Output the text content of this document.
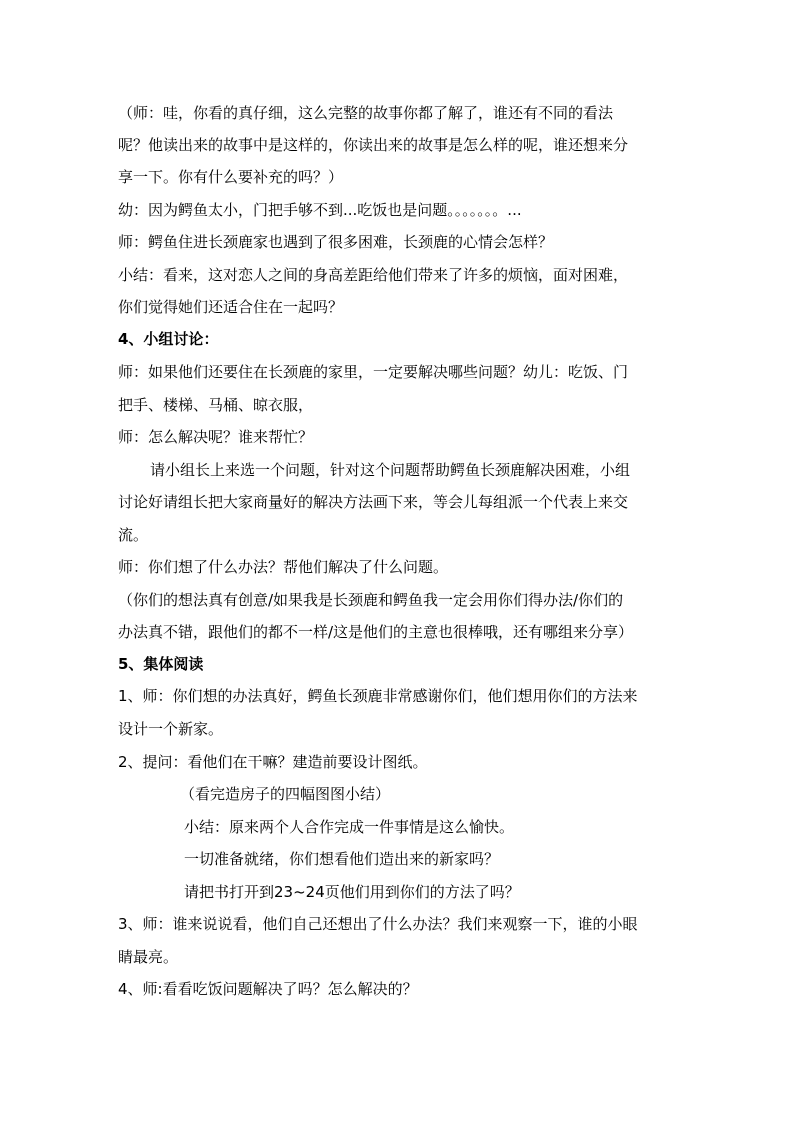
（师：哇，你看的真仔细，这么完整的故事你都了解了，谁还有不同的看法
呢？他读出来的故事中是这样的，你读出来的故事是怎么样的呢，谁还想来分
享一下。你有什么要补充的吗？）
幼：因为鳄鱼太小，门把手够不到...吃饭也是问题。。。。。。。...
师：鳄鱼住进长颈鹿家也遇到了很多困难，长颈鹿的心情会怎样？
小结：看来，这对恋人之间的身高差距给他们带来了许多的烦恼，面对困难，
你们觉得她们还适合住在一起吗？
4、小组讨论：
师：如果他们还要住在长颈鹿的家里，一定要解决哪些问题？幼儿：吃饭、门
把手、楼梯、马桶、晾衣服，
师：怎么解决呢？谁来帮忙？
请小组长上来选一个问题，针对这个问题帮助鳄鱼长颈鹿解决困难，小组
讨论好请组长把大家商量好的解决方法画下来，等会儿每组派一个代表上来交
流。
师：你们想了什么办法？帮他们解决了什么问题。
（你们的想法真有创意/如果我是长颈鹿和鳄鱼我一定会用你们得办法/你们的
办法真不错，跟他们的都不一样/这是他们的主意也很棒哦，还有哪组来分享）
5、集体阅读
1、师：你们想的办法真好，鳄鱼长颈鹿非常感谢你们，他们想用你们的方法来
设计一个新家。
2、提问：看他们在干嘛？建造前要设计图纸。
（看完造房子的四幅图图小结）
小结：原来两个人合作完成一件事情是这么愉快。
一切准备就绪，你们想看他们造出来的新家吗？
请把书打开到23~24页他们用到你们的方法了吗？
3、师：谁来说说看，他们自己还想出了什么办法？我们来观察一下，谁的小眼
睛最亮。
4、师:看看吃饭问题解决了吗？怎么解决的？
